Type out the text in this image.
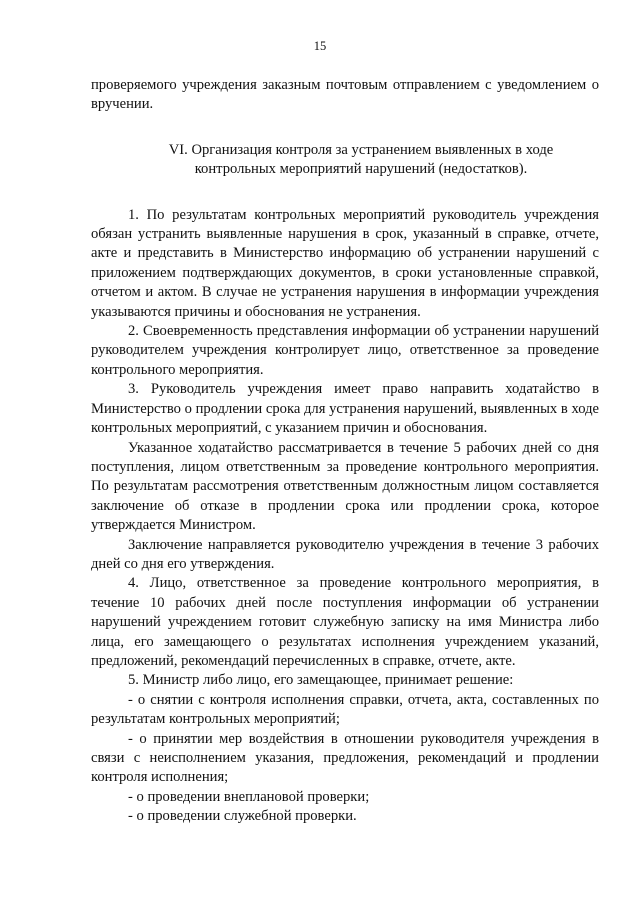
15

проверяемого учреждения заказным почтовым отправлением с уведомлением о вручении.

VI. Организация контроля за устранением выявленных в ходе контрольных мероприятий нарушений (недостатков).

1. По результатам контрольных мероприятий руководитель учреждения обязан устранить выявленные нарушения в срок, указанный в справке, отчете, акте и представить в Министерство информацию об устранении нарушений с приложением подтверждающих документов, в сроки установленные справкой, отчетом и актом. В случае не устранения нарушения в информации учреждения указываются причины и обоснования не устранения.

2. Своевременность представления информации об устранении нарушений руководителем учреждения контролирует лицо, ответственное за проведение контрольного мероприятия.

3. Руководитель учреждения имеет право направить ходатайство в Министерство о продлении срока для устранения нарушений, выявленных в ходе контрольных мероприятий, с указанием причин и обоснования.

Указанное ходатайство рассматривается в течение 5 рабочих дней со дня поступления, лицом ответственным за проведение контрольного мероприятия. По результатам рассмотрения ответственным должностным лицом составляется заключение об отказе в продлении срока или продлении срока, которое утверждается Министром.

Заключение направляется руководителю учреждения в течение 3 рабочих дней со дня его утверждения.

4. Лицо, ответственное за проведение контрольного мероприятия, в течение 10 рабочих дней после поступления информации об устранении нарушений учреждением готовит служебную записку на имя Министра либо лица, его замещающего о результатах исполнения учреждением указаний, предложений, рекомендаций перечисленных в справке, отчете, акте.

5. Министр либо лицо, его замещающее, принимает решение:

- о снятии с контроля исполнения справки, отчета, акта, составленных по результатам контрольных мероприятий;

- о принятии мер воздействия в отношении руководителя учреждения в связи с неисполнением указания, предложения, рекомендаций и продлении контроля исполнения;

- о проведении внеплановой проверки;

- о проведении служебной проверки.
